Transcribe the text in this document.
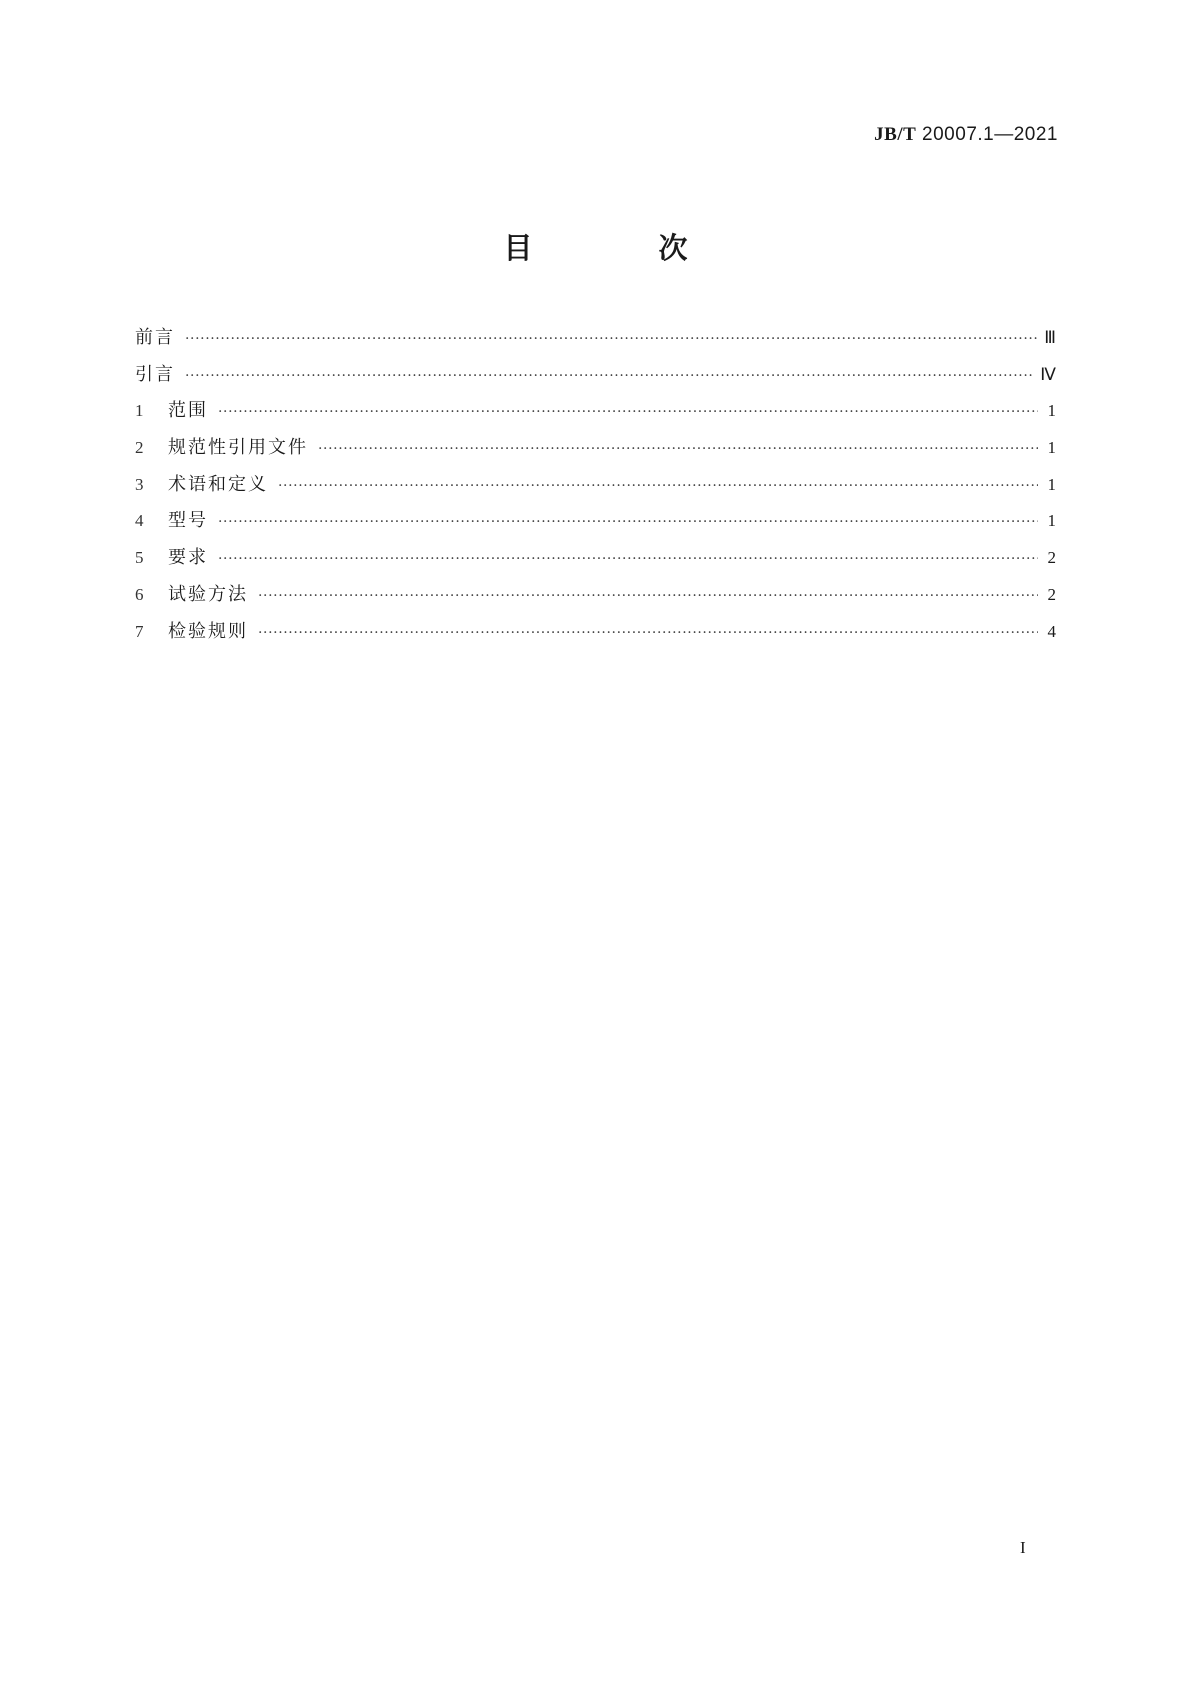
JB/T 20007.1—2021
目 次
前言 ·····	Ⅲ
引言 ·····	Ⅳ
1	范围 ·····	1
2	规范性引用文件 ·····	1
3	术语和定义 ·····	1
4	型号 ·····	1
5	要求 ·····	2
6	试验方法 ·····	2
7	检验规则 ·····	4
I
